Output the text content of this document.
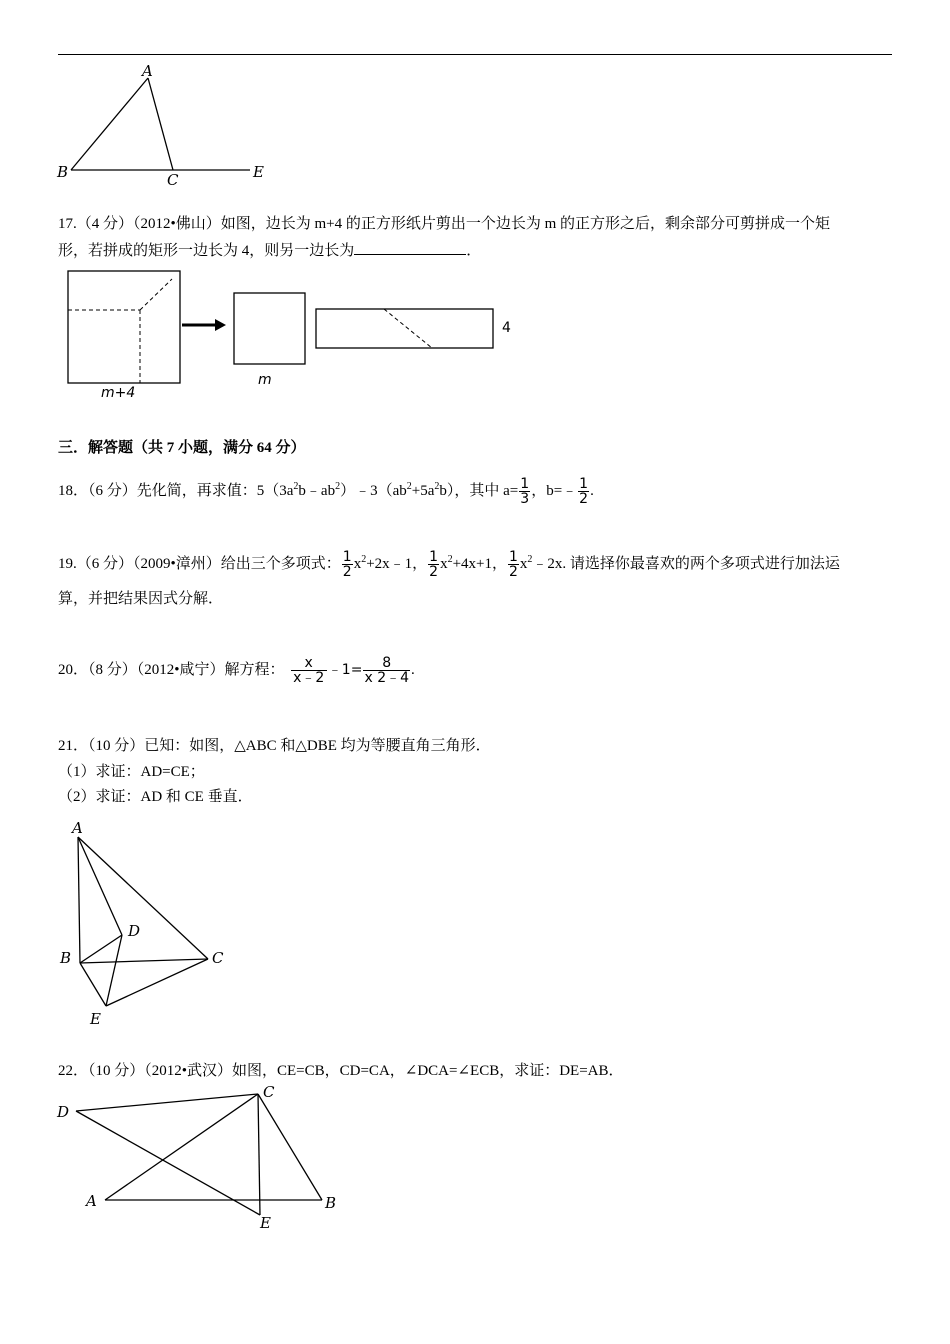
A
B	C	E
17.（4 分）（2012•佛山）如图，边长为 m+4 的正方形纸片剪出一个边长为 m 的正方形之后，剩余部分可剪拼成一个矩
形，若拼成的矩形一边长为 4，则另一边长为	．
m+4
m
4
三．解答题（共 7 小题，满分 64 分）
18．（6 分）先化简，再求值：$5(3a^2b﹣ab^2)﹣3(ab^2+5a^2b)$，其中 $a= \frac{1}{3}$ ，b=﹣ $\frac{1}{2}$ .
19.（6 分）（2009•漳州）给出三个多项式： $\frac{1}{2}$ $x^2+2x﹣1$， $\frac{1}{2} x^2+4x+1$， $\frac{1}{2}$ $x^2﹣2x$. 请选择你最喜欢的两个多项式进行加法运
算，并把结果因式分解．
20．（8 分）（2012•咸宁）解方程： $\frac{x}{x﹣2}$ ﹣1= $\frac{8}{x 2﹣4}$ .
21．（10 分）已知：如图，△ABC 和△DBE 均为等腰直角三角形．
（1）求证：AD=CE；
（2）求证：AD 和 CE 垂直．
A
B
D
C
E
22．（10 分）（2012•武汉）如图，CE=CB，CD=CA，∠DCA=∠ECB，求证：DE=AB．
C
D
A	B
E
